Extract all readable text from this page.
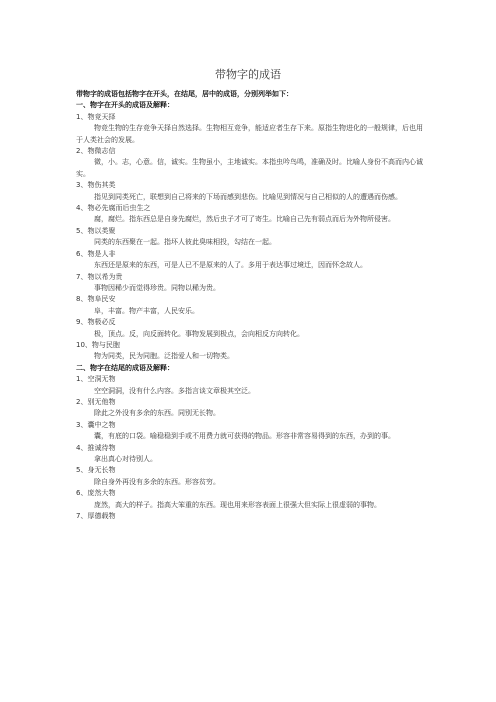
带物字的成语
带物字的成语包括物字在开头，在结尾，居中的成语，分别列举如下：
一、物字在开头的成语及解释：
1、物竞天择
物竞生物的生存竞争天择自然选择。生物相互竞争，能适应者生存下来。原指生物进化的一般规律，后也用于人类社会的发展。
2、物微志信
微，小。志，心意。信，诚实。生物虽小，主地诚实。本指虫吟鸟鸣，准确及时。比喻人身份不高而内心诚实。
3、物伤其类
指见到同类死亡，联想到自己将来的下场而感到悲伤。比喻见到情况与自己相似的人的遭遇而伤感。
4、物必先腐而后虫生之
腐，腐烂。指东西总是自身先腐烂，然后虫子才可了寄生。比喻自己先有弱点而后为外物所侵害。
5、物以类聚
同类的东西聚在一起。指坏人彼此臭味相投，勾结在一起。
6、物是人非
东西还是原来的东西，可是人已不是原来的人了。多用于表达事过境迁，因而怀念故人。
7、物以希为贵
事物因稀少而觉得珍贵。同物以稀为贵。
8、物阜民安
阜，丰富。物产丰富，人民安乐。
9、物极必反
极，顶点。反，向反面转化。事物发展到极点，会向相反方向转化。
10、物与民胞
物为同类，民为同胞。泛指爱人和一切物类。
二、物字在结尾的成语及解释：
1、空洞无物
空空洞洞，没有什么内容。多指言谈文章极其空泛。
2、别无他物
除此之外没有多余的东西。同别无长物。
3、囊中之物
囊，有底的口袋。喻稳稳到手或不用费力就可获得的物品。形容非常容易得到的东西，办到的事。
4、推诚待物
拿出真心对待别人。
5、身无长物
除自身外再没有多余的东西。形容贫穷。
6、庞然大物
庞然，高大的样子。指高大笨重的东西。现也用来形容表面上很强大但实际上很虚弱的事物。
7、厚德载物
